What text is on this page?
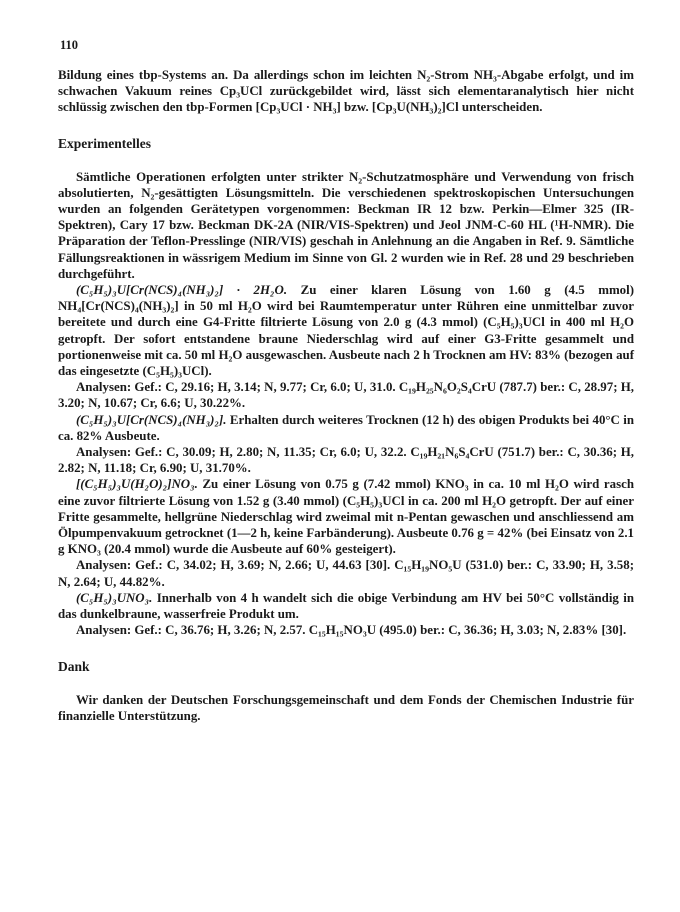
110

Bildung eines tbp-Systems an. Da allerdings schon im leichten N₂-Strom NH₃-Abgabe erfolgt, und im schwachen Vakuum reines Cp₃UCl zurückgebildet wird, lässt sich elementaranalytisch hier nicht schlüssig zwischen den tbp-Formen [Cp₃UCl · NH₃] bzw. [Cp₃U(NH₃)₂]Cl unterscheiden.

Experimentelles

Sämtliche Operationen erfolgten unter strikter N₂-Schutzatmosphäre und Verwendung von frisch absolutierten, N₂-gesättigten Lösungsmitteln. Die verschiedenen spektroskopischen Untersuchungen wurden an folgenden Gerätetypen vorgenommen: Beckman IR 12 bzw. Perkin—Elmer 325 (IR-Spektren), Cary 17 bzw. Beckman DK-2A (NIR/VIS-Spektren) und Jeol JNM-C-60 HL (¹H-NMR). Die Präparation der Teflon-Presslinge (NIR/VIS) geschah in Anlehnung an die Angaben in Ref. 9. Sämtliche Fällungsreaktionen in wässrigem Medium im Sinne von Gl. 2 wurden wie in Ref. 28 und 29 beschrieben durchgeführt.

(C₅H₅)₃U[Cr(NCS)₄(NH₃)₂] · 2H₂O. Zu einer klaren Lösung von 1.60 g (4.5 mmol) NH₄[Cr(NCS)₄(NH₃)₂] in 50 ml H₂O wird bei Raumtemperatur unter Rühren eine unmittelbar zuvor bereitete und durch eine G4-Fritte filtrierte Lösung von 2.0 g (4.3 mmol) (C₅H₅)₃UCl in 400 ml H₂O getropft. Der sofort entstandene braune Niederschlag wird auf einer G3-Fritte gesammelt und portionenweise mit ca. 50 ml H₂O ausgewaschen. Ausbeute nach 2 h Trocknen am HV: 83% (bezogen auf das eingesetzte (C₅H₅)₃UCl).

Analysen: Gef.: C, 29.16; H, 3.14; N, 9.77; Cr, 6.0; U, 31.0. C₁₉H₂₅N₆O₂S₄CrU (787.7) ber.: C, 28.97; H, 3.20; N, 10.67; Cr, 6.6; U, 30.22%.

(C₅H₅)₃U[Cr(NCS)₄(NH₃)₂]. Erhalten durch weiteres Trocknen (12 h) des obigen Produkts bei 40°C in ca. 82% Ausbeute.

Analysen: Gef.: C, 30.09; H, 2.80; N, 11.35; Cr, 6.0; U, 32.2. C₁₉H₂₁N₆S₄CrU (751.7) ber.: C, 30.36; H, 2.82; N, 11.18; Cr, 6.90; U, 31.70%.

[(C₅H₅)₃U(H₂O)₂]NO₃. Zu einer Lösung von 0.75 g (7.42 mmol) KNO₃ in ca. 10 ml H₂O wird rasch eine zuvor filtrierte Lösung von 1.52 g (3.40 mmol) (C₅H₅)₃UCl in ca. 200 ml H₂O getropft. Der auf einer Fritte gesammelte, hellgrüne Niederschlag wird zweimal mit n-Pentan gewaschen und anschliessend am Ölpumpenvakuum getrocknet (1—2 h, keine Farbänderung). Ausbeute 0.76 g = 42% (bei Einsatz von 2.1 g KNO₃ (20.4 mmol) wurde die Ausbeute auf 60% gesteigert).

Analysen: Gef.: C, 34.02; H, 3.69; N, 2.66; U, 44.63 [30]. C₁₅H₁₉NO₅U (531.0) ber.: C, 33.90; H, 3.58; N, 2.64; U, 44.82%.

(C₅H₅)₃UNO₃. Innerhalb von 4 h wandelt sich die obige Verbindung am HV bei 50°C vollständig in das dunkelbraune, wasserfreie Produkt um.

Analysen: Gef.: C, 36.76; H, 3.26; N, 2.57. C₁₅H₁₅NO₃U (495.0) ber.: C, 36.36; H, 3.03; N, 2.83% [30].

Dank

Wir danken der Deutschen Forschungsgemeinschaft und dem Fonds der Chemischen Industrie für finanzielle Unterstützung.
